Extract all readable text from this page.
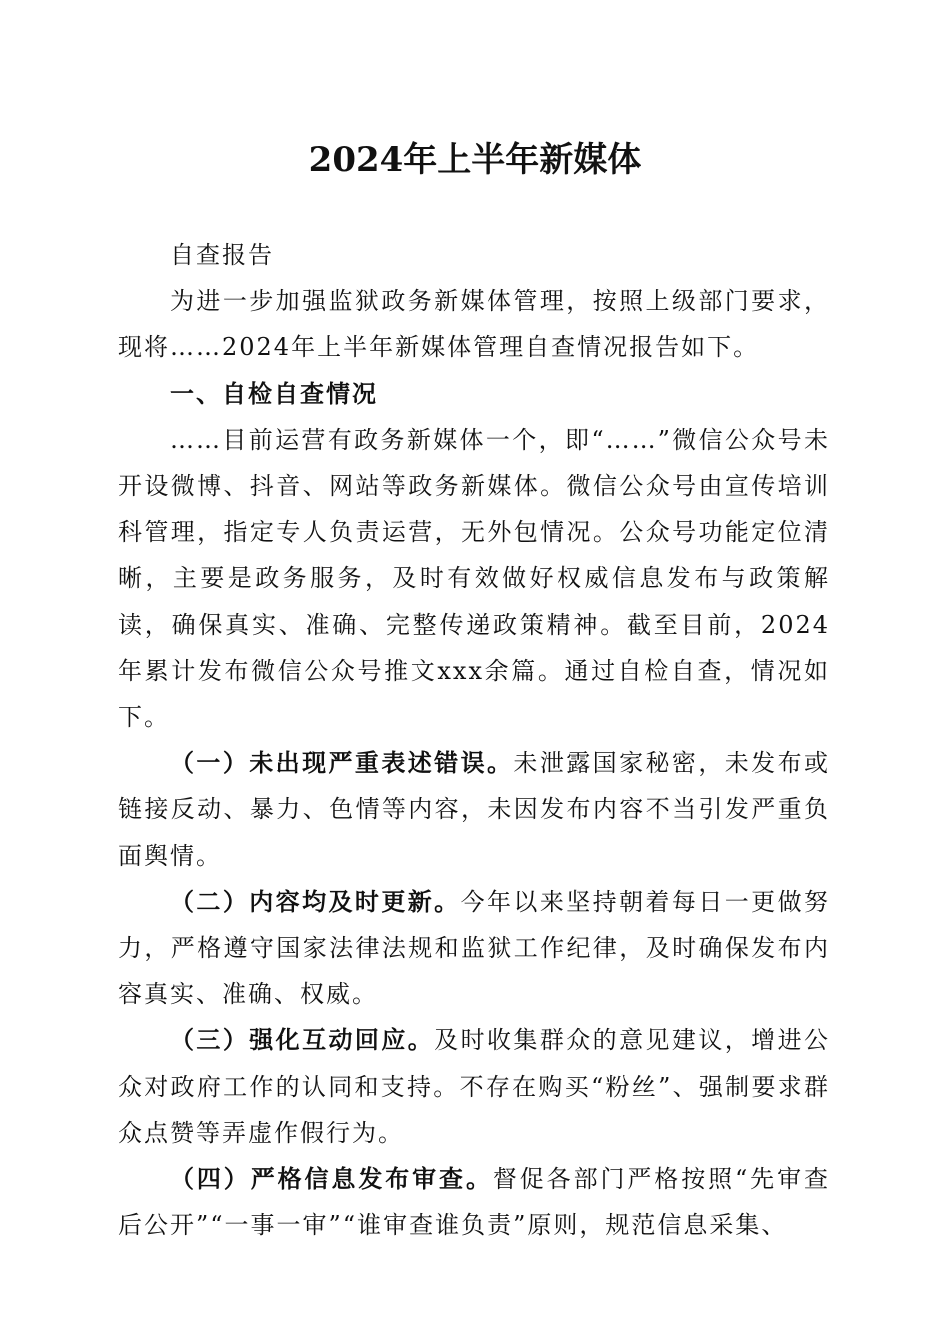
2024年上半年新媒体

自查报告

为进一步加强监狱政务新媒体管理，按照上级部门要求，现将……2024年上半年新媒体管理自查情况报告如下。

一、自检自查情况

……目前运营有政务新媒体一个，即“……”微信公众号未开设微博、抖音、网站等政务新媒体。微信公众号由宣传培训科管理，指定专人负责运营，无外包情况。公众号功能定位清晰，主要是政务服务，及时有效做好权威信息发布与政策解读，确保真实、准确、完整传递政策精神。截至目前，2024年累计发布微信公众号推文xxx余篇。通过自检自查，情况如下。

（一）未出现严重表述错误。未泄露国家秘密，未发布或链接反动、暴力、色情等内容，未因发布内容不当引发严重负面舆情。

（二）内容均及时更新。今年以来坚持朝着每日一更做努力，严格遵守国家法律法规和监狱工作纪律，及时确保发布内容真实、准确、权威。

（三）强化互动回应。及时收集群众的意见建议，增进公众对政府工作的认同和支持。不存在购买“粉丝”、强制要求群众点赞等弄虚作假行为。

（四）严格信息发布审查。督促各部门严格按照“先审查后公开”“一事一审”“谁审查谁负责”原则，规范信息采集、
